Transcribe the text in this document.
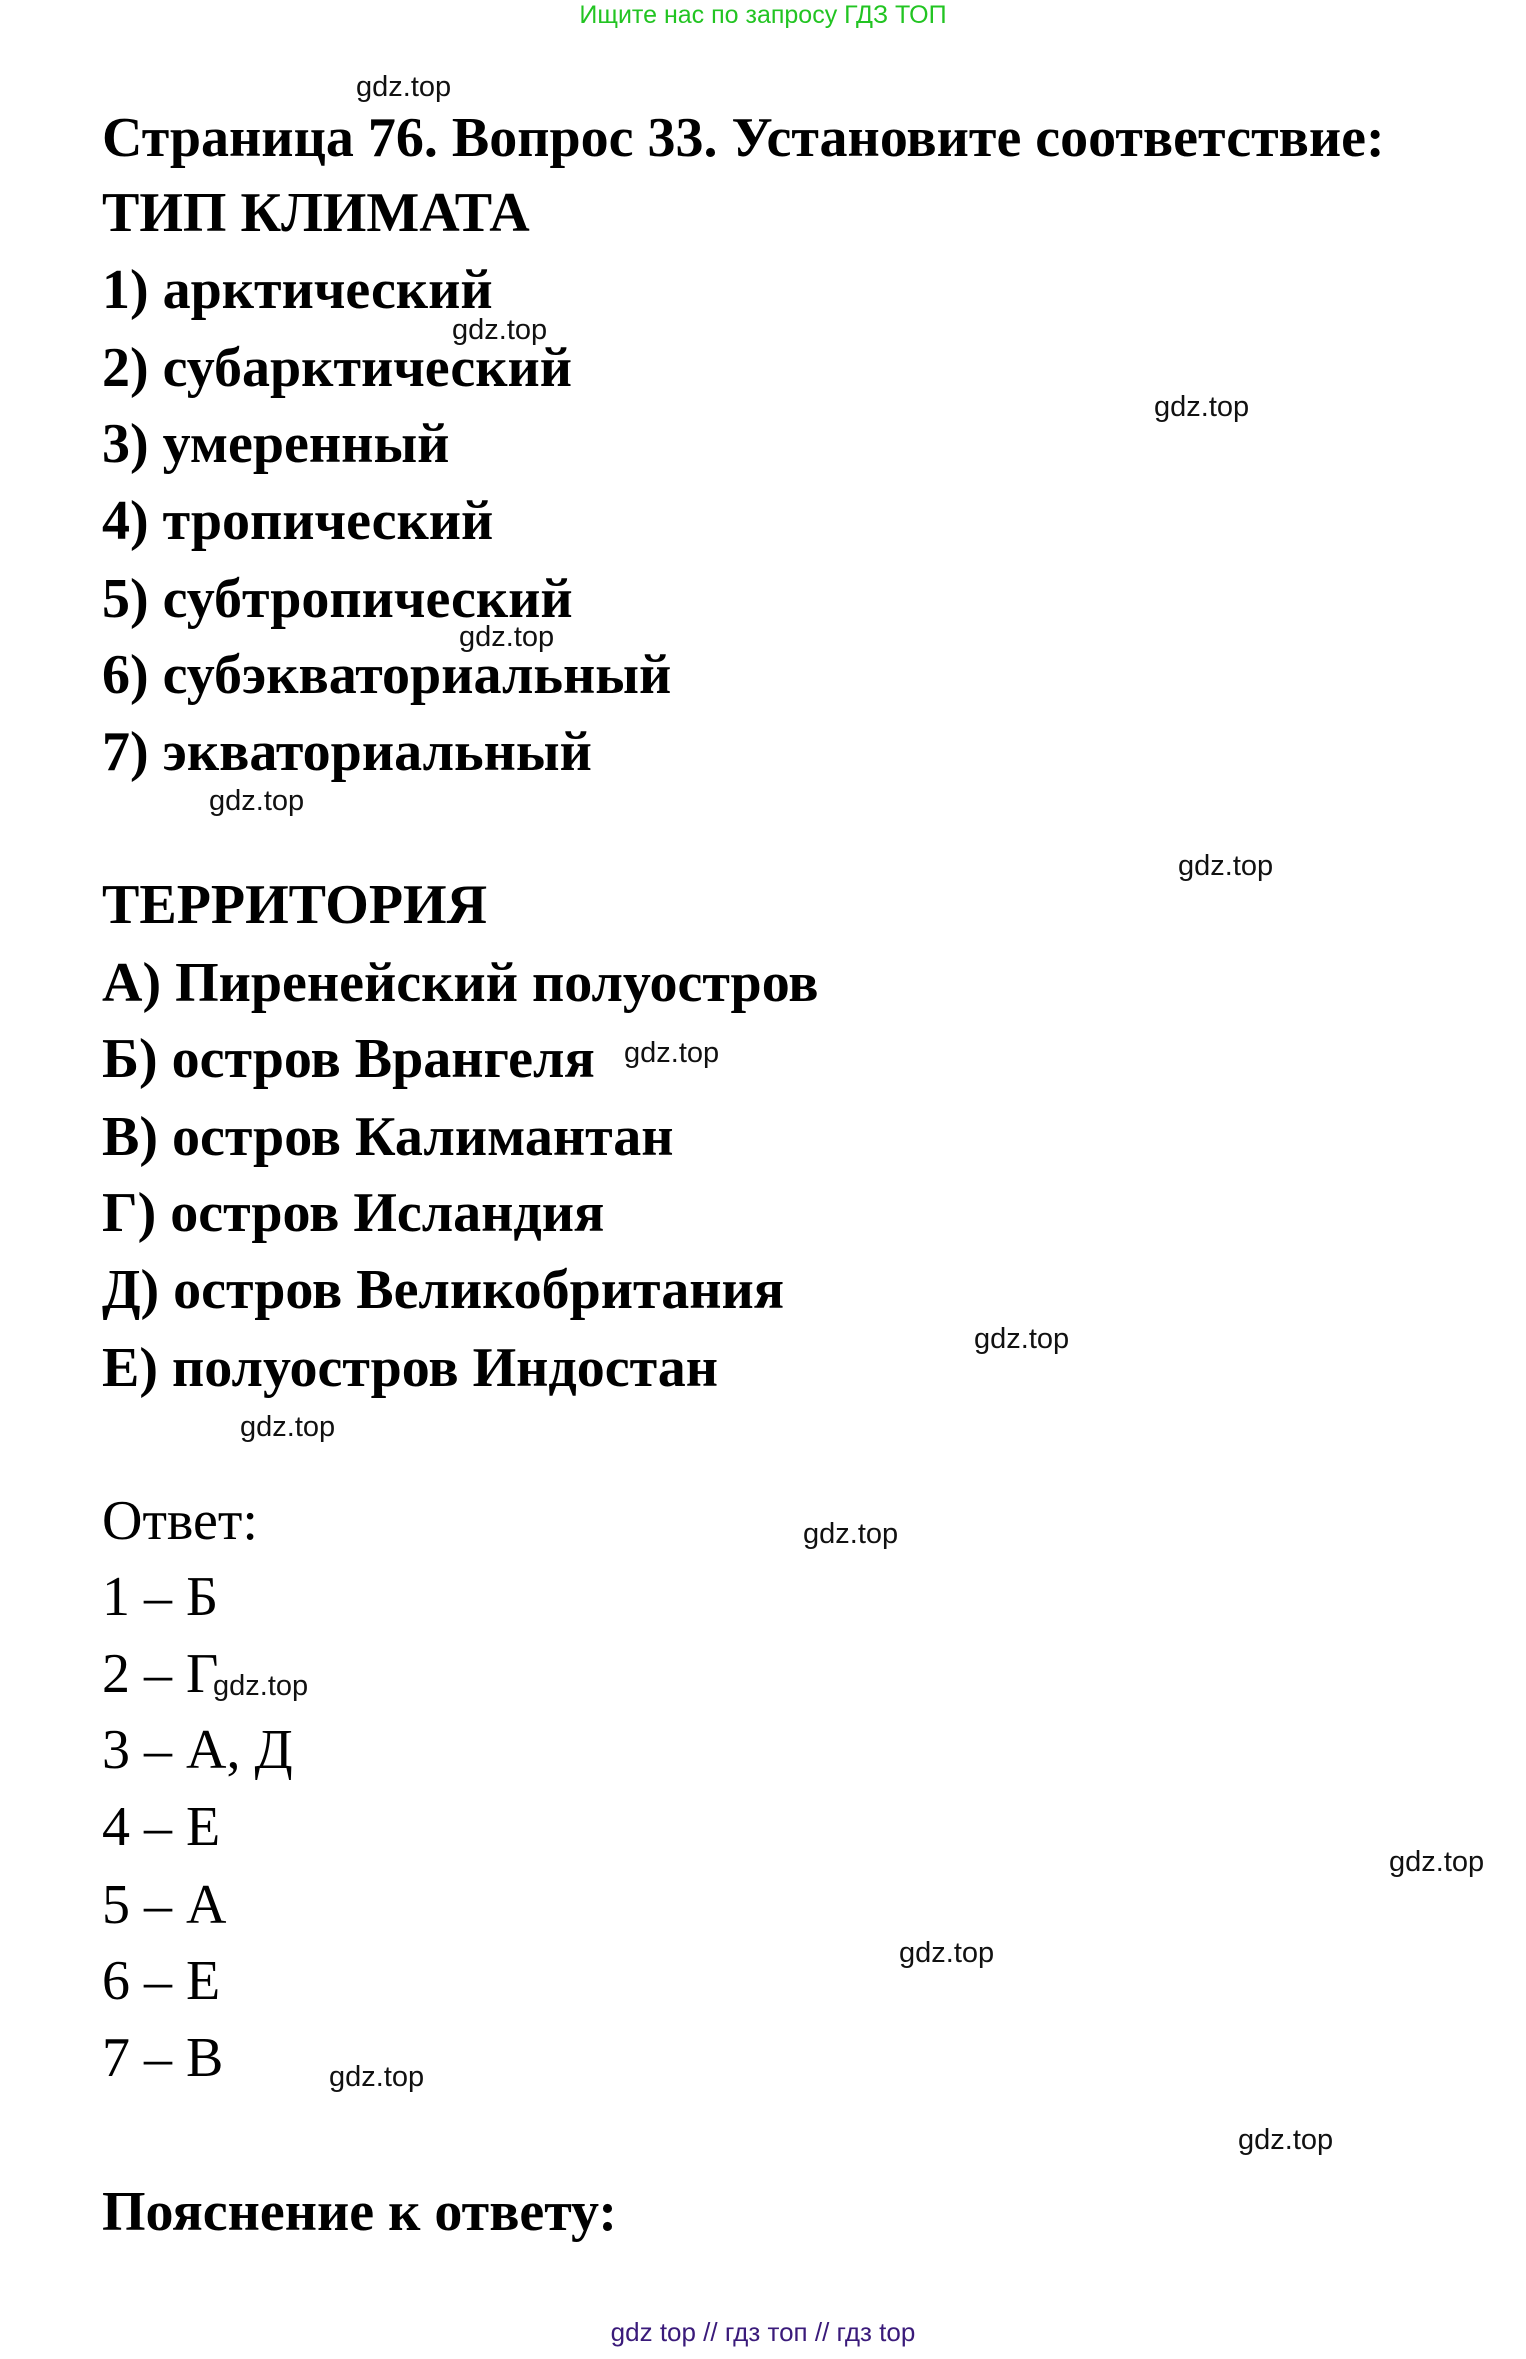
Ищите нас по запросу ГДЗ ТОП
Страница 76. Вопрос 33. Установите соответствие:
ТИП КЛИМАТА
1) арктический
2) субарктический
3) умеренный
4) тропический
5) субтропический
6) субэкваториальный
7) экваториальный
ТЕРРИТОРИЯ
А) Пиренейский полуостров
Б) остров Врангеля
В) остров Калимантан
Г) остров Исландия
Д) остров Великобритания
Е) полуостров Индостан
Ответ:
1 – Б
2 – Г
3 – А, Д
4 – Е
5 – А
6 – Е
7 – В
Пояснение к ответу:
gdz.top
gdz.top
gdz.top
gdz.top
gdz.top
gdz.top
gdz.top
gdz.top
gdz.top
gdz.top
gdz.top
gdz.top
gdz.top
gdz.top
gdz.top
gdz top // гдз топ // гдз top
